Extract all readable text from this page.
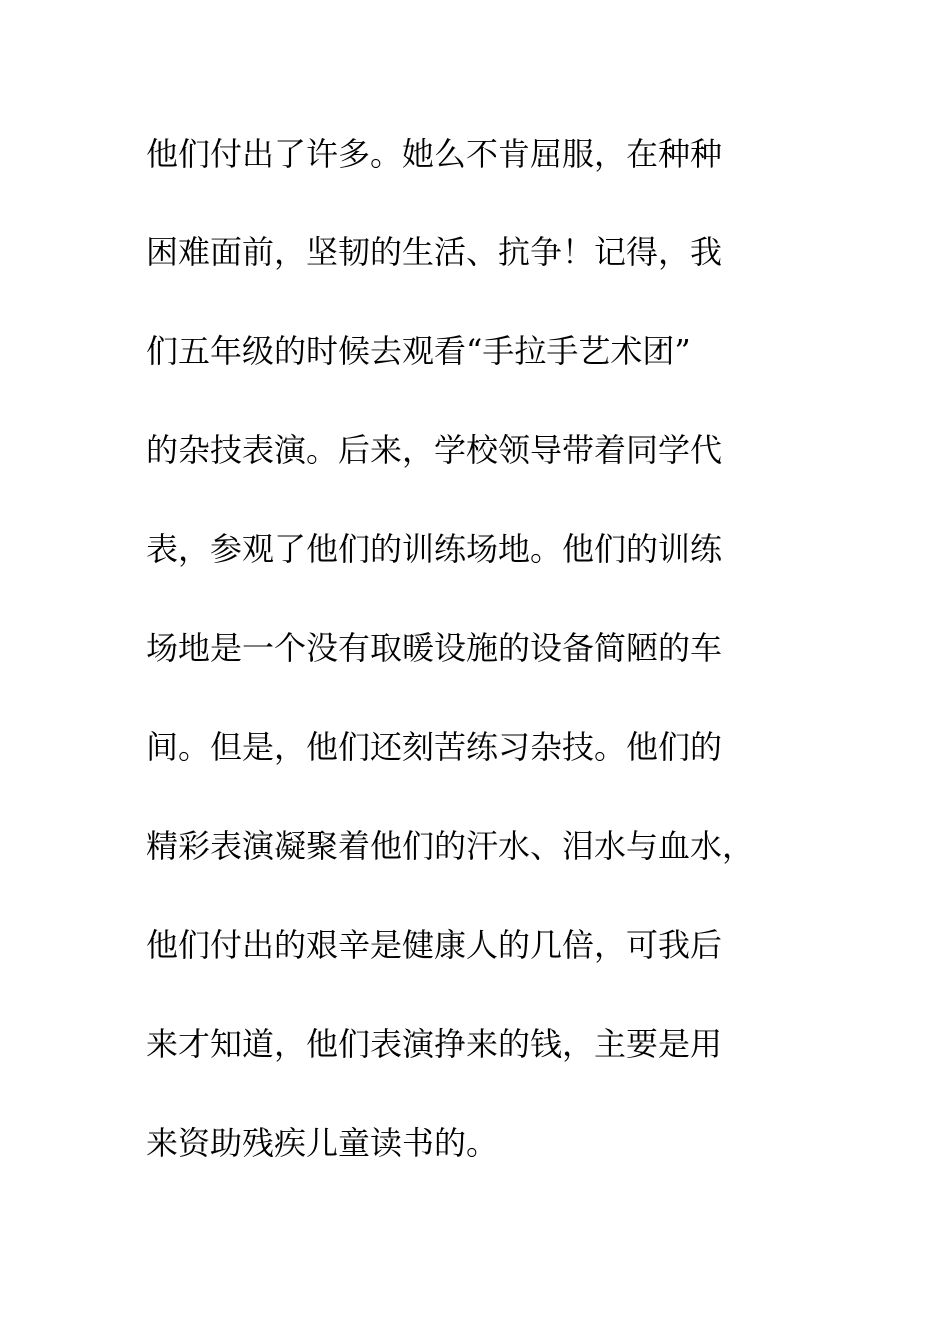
他们付出了许多。她么不肯屈服，在种种
困难面前，坚韧的生活、抗争！记得，我
们五年级的时候去观看“手拉手艺术团”
的杂技表演。后来，学校领导带着同学代
表，参观了他们的训练场地。他们的训练
场地是一个没有取暖设施的设备简陋的车
间。但是，他们还刻苦练习杂技。他们的
精彩表演凝聚着他们的汗水、泪水与血水，
他们付出的艰辛是健康人的几倍，可我后
来才知道，他们表演挣来的钱，主要是用
来资助残疾儿童读书的。
